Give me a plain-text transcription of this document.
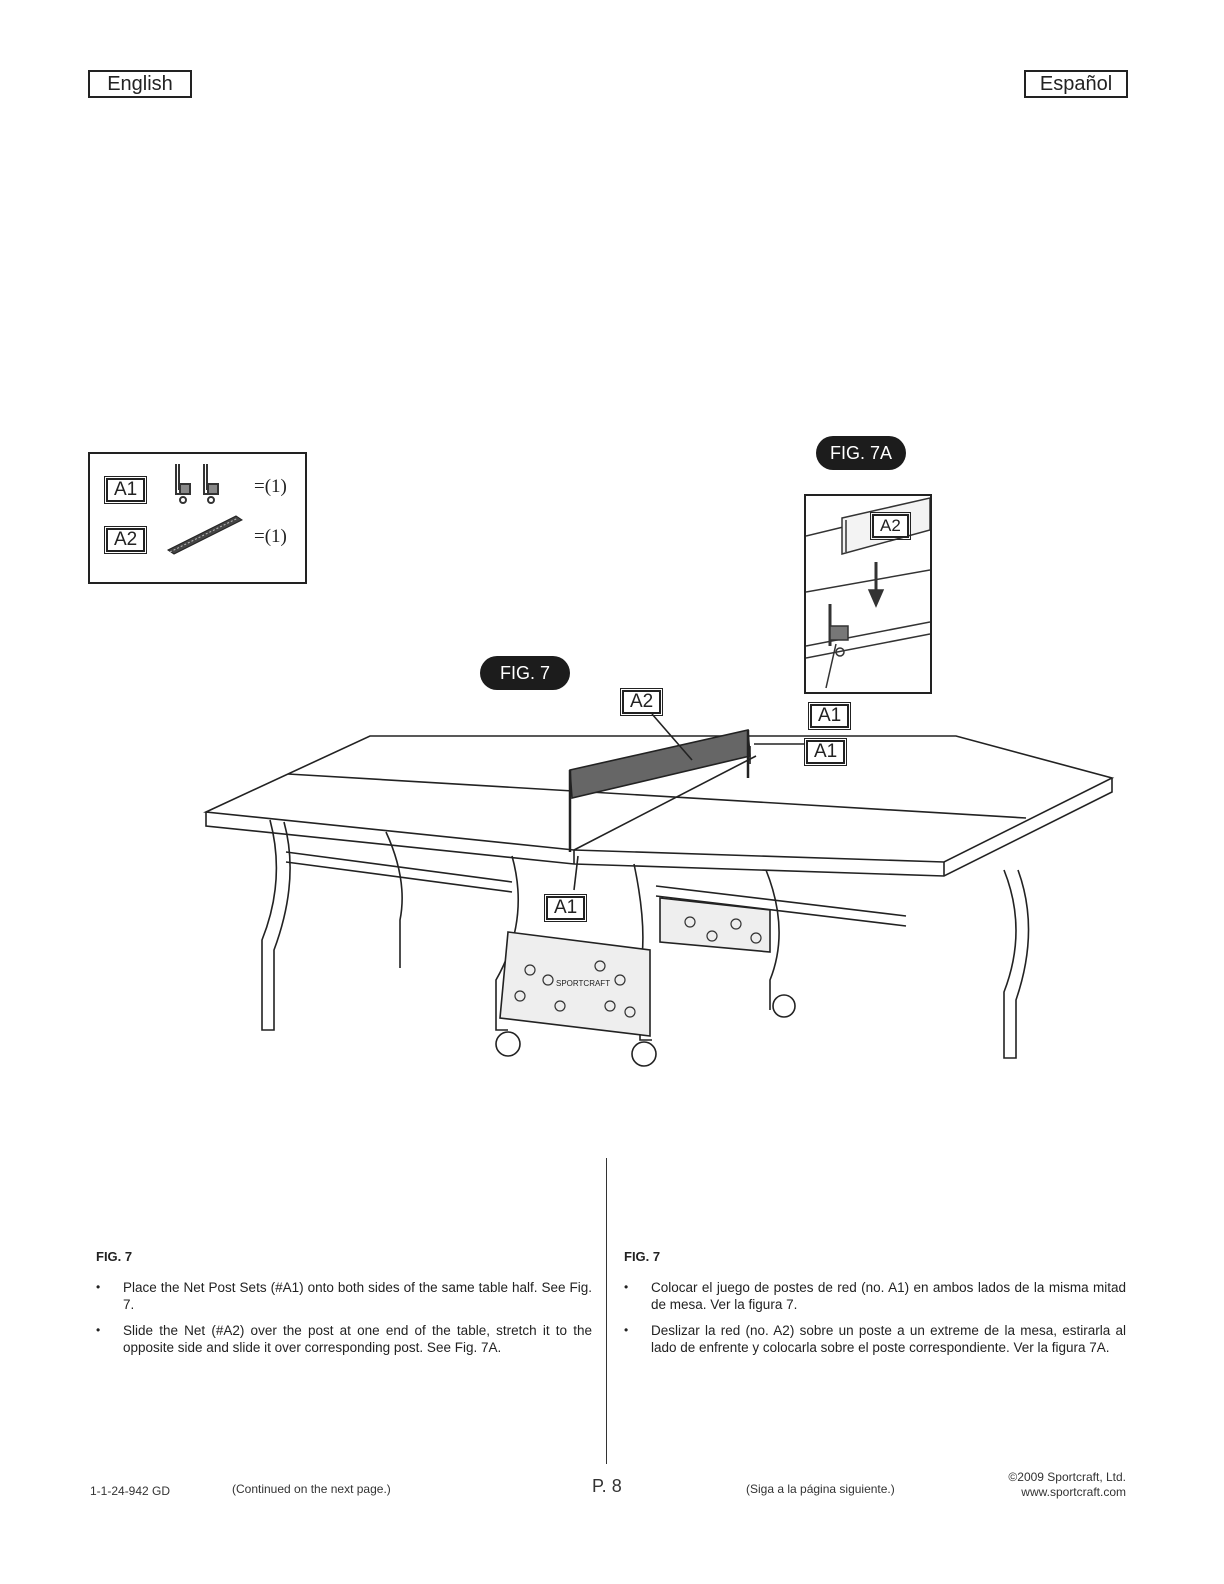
English	Español
A1	=(1)
A2	=(1)
FIG. 7A
FIG. 7
A2
A1
SPORTCRAFT
A2
A1
A1
FIG. 7
• Place the Net Post Sets (#A1) onto both sides of the same table half. See Fig. 7.
• Slide the Net (#A2) over the post at one end of the table, stretch it to the opposite side and slide it over corresponding post. See Fig. 7A.
FIG. 7
• Colocar el juego de postes de red (no. A1) en ambos lados de la misma mitad de mesa. Ver la figura 7.
• Deslizar la red (no. A2) sobre un poste a un extreme de la mesa, estirarla al lado de enfrente y colocarla sobre el poste correspondiente. Ver la figura 7A.
1-1-24-942 GD	(Continued on the next page.)	P. 8	(Siga a la página siguiente.)
©2009 Sportcraft, Ltd.
www.sportcraft.com
